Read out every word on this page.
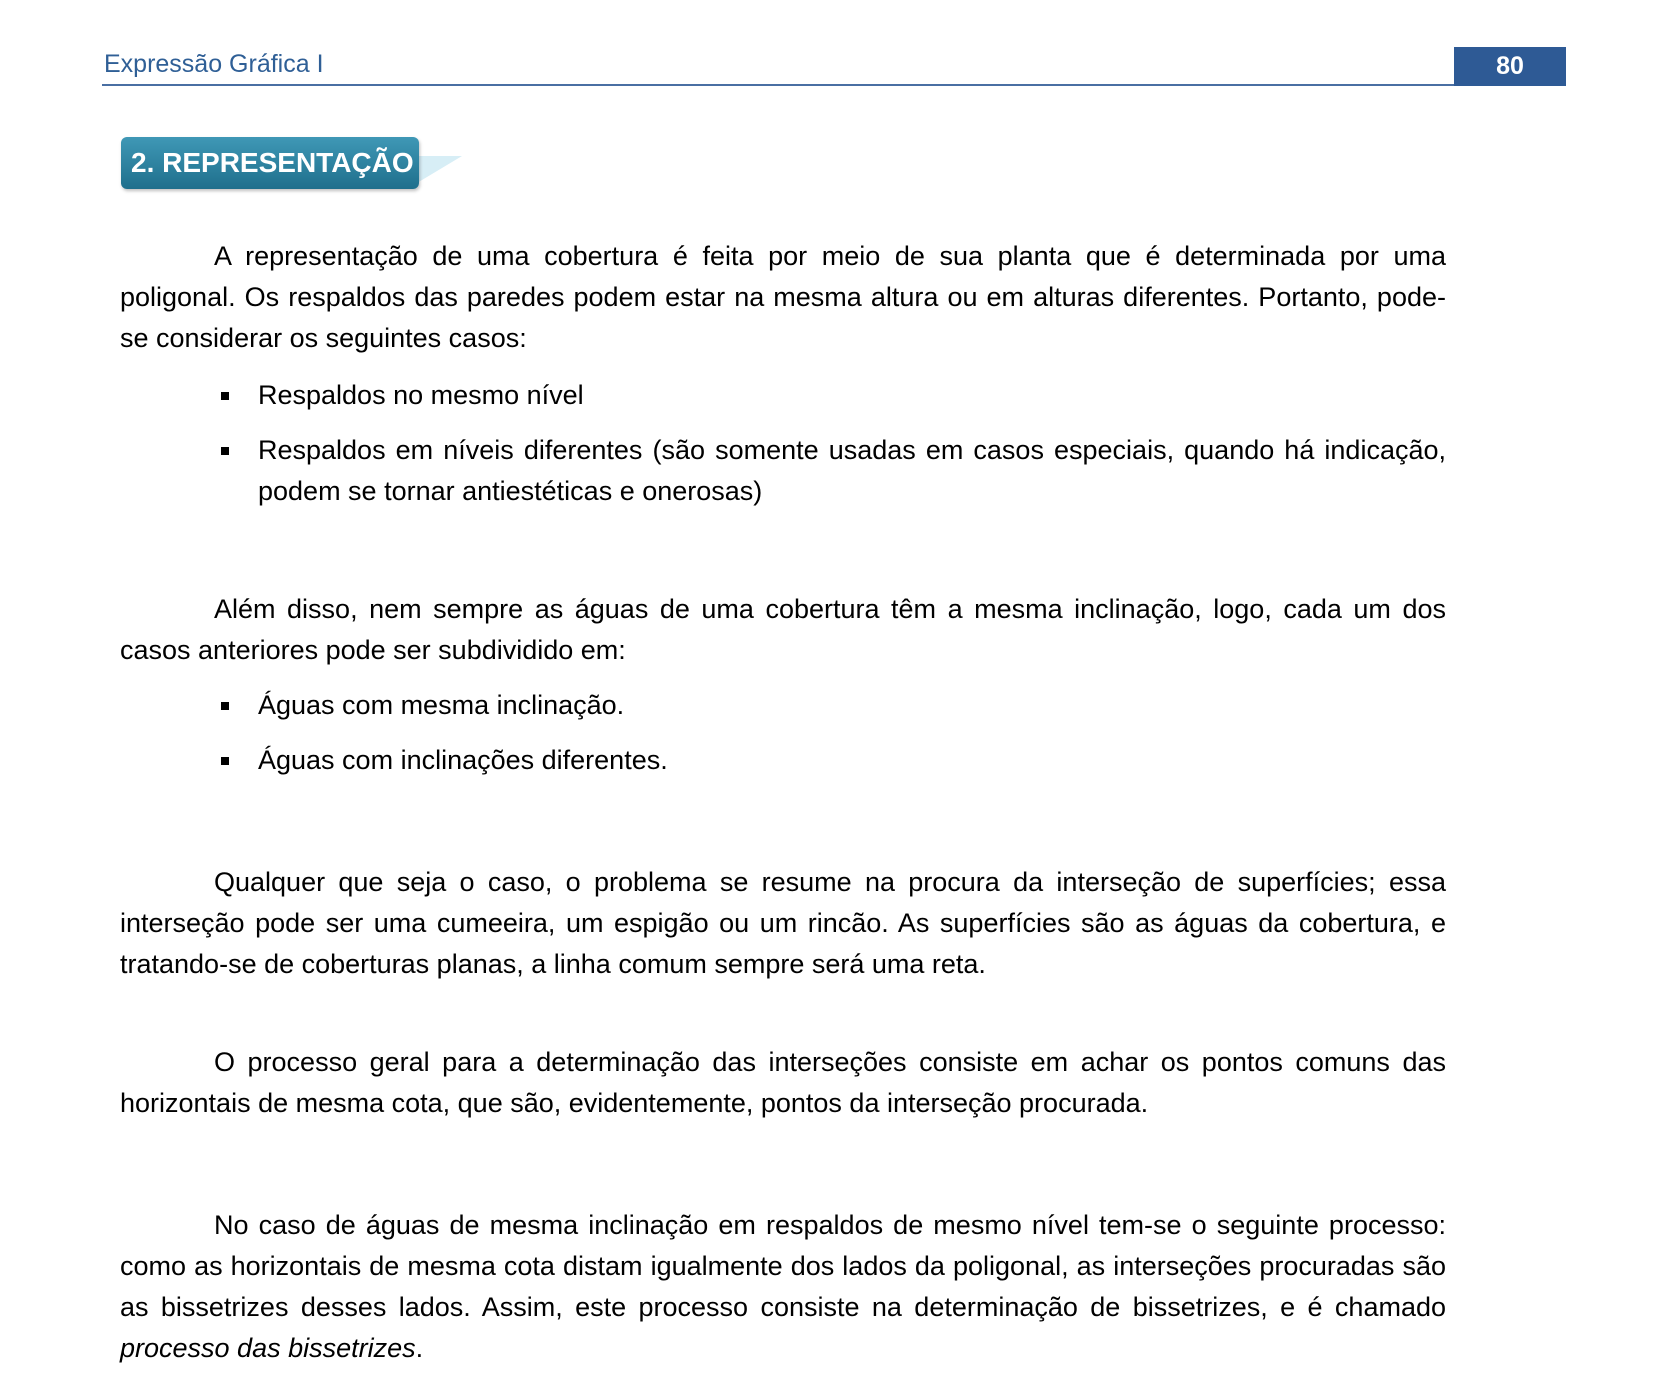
Expressão Gráfica I	80
2. REPRESENTAÇÃO

A representação de uma cobertura é feita por meio de sua planta que é determinada por uma poligonal. Os respaldos das paredes podem estar na mesma altura ou em alturas diferentes. Portanto, pode-se considerar os seguintes casos:

Respaldos no mesmo nível
Respaldos em níveis diferentes (são somente usadas em casos especiais, quando há indicação, podem se tornar antiestéticas e onerosas)

Além disso, nem sempre as águas de uma cobertura têm a mesma inclinação, logo, cada um dos casos anteriores pode ser subdividido em:

Águas com mesma inclinação.
Águas com inclinações diferentes.

Qualquer que seja o caso, o problema se resume na procura da interseção de superfícies; essa interseção pode ser uma cumeeira, um espigão ou um rincão. As superfícies são as águas da cobertura, e tratando-se de coberturas planas, a linha comum sempre será uma reta.

O processo geral para a determinação das interseções consiste em achar os pontos comuns das horizontais de mesma cota, que são, evidentemente, pontos da interseção procurada.

No caso de águas de mesma inclinação em respaldos de mesmo nível tem-se o seguinte processo: como as horizontais de mesma cota distam igualmente dos lados da poligonal, as interseções procuradas são as bissetrizes desses lados. Assim, este processo consiste na determinação de bissetrizes, e é chamado processo das bissetrizes.
